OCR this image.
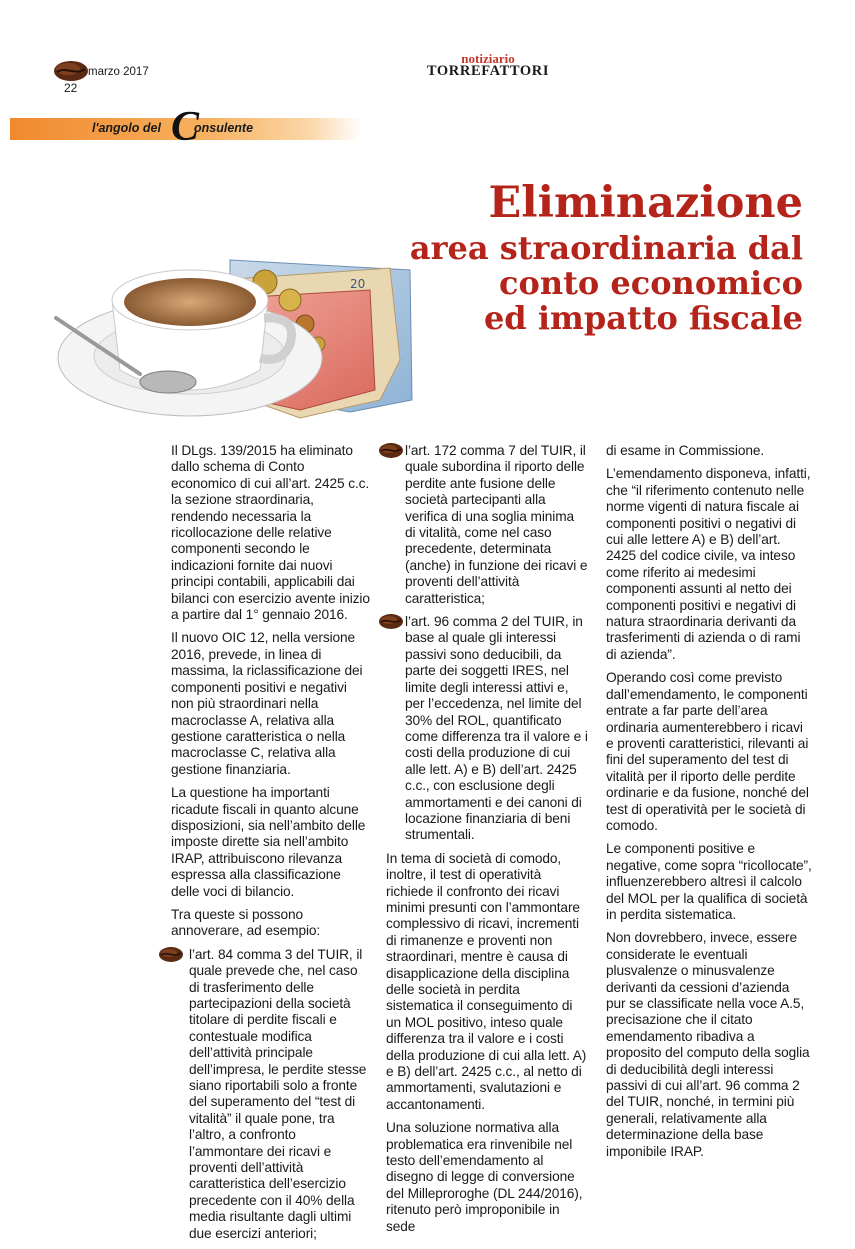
marzo 2017
22
notiziario
TORREFATTORI
l'angolo del C
onsulente
20
Eliminazione
area straordinaria dal
conto economico
ed impatto fiscale

Il DLgs. 139/2015 ha eliminato dallo schema di Conto economico di cui all’art. 2425 c.c. la sezione straordinaria, rendendo necessaria la ricollocazione delle relative componenti secondo le indicazioni fornite dai nuovi principi contabili, applicabili dai bilanci con esercizio avente inizio a partire dal 1° gennaio 2016.

Il nuovo OIC 12, nella versione 2016, prevede, in linea di massima, la riclassificazione dei componenti positivi e negativi non più straordinari nella macroclasse A, relativa alla gestione caratteristica o nella macroclasse C, relativa alla gestione finanziaria.

La questione ha importanti ricadute fiscali in quanto alcune disposizioni, sia nell’ambito delle imposte dirette sia nell’ambito IRAP, attribuiscono rilevanza espressa alla classificazione delle voci di bilancio.

Tra queste si possono annoverare, ad esempio:

l’art. 84 comma 3 del TUIR, il quale prevede che, nel caso di trasferimento delle partecipazioni della società titolare di perdite fiscali e contestuale modifica dell’attività principale dell’impresa, le perdite stesse siano riportabili solo a fronte del superamento del “test di vitalità” il quale pone, tra l’altro, a confronto l’ammontare dei ricavi e proventi dell’attività caratteristica dell’esercizio precedente con il 40% della media risultante dagli ultimi due esercizi anteriori;

l’art. 172 comma 7 del TUIR, il quale subordina il riporto delle perdite ante fusione delle società partecipanti alla verifica di una soglia minima di vitalità, come nel caso precedente, determinata (anche) in funzione dei ricavi e proventi dell’attività caratteristica;

l’art. 96 comma 2 del TUIR, in base al quale gli interessi passivi sono deducibili, da parte dei soggetti IRES, nel limite degli interessi attivi e, per l’eccedenza, nel limite del 30% del ROL, quantificato come differenza tra il valore e i costi della produzione di cui alle lett. A) e B) dell’art. 2425 c.c., con esclusione degli ammortamenti e dei canoni di locazione finanziaria di beni strumentali.

In tema di società di comodo, inoltre, il test di operatività richiede il confronto dei ricavi minimi presunti con l’ammontare complessivo di ricavi, incrementi di rimanenze e proventi non straordinari, mentre è causa di disapplicazione della disciplina delle società in perdita sistematica il conseguimento di un MOL positivo, inteso quale differenza tra il valore e i costi della produzione di cui alla lett. A) e B) dell’art. 2425 c.c., al netto di ammortamenti, svalutazioni e accantonamenti.

Una soluzione normativa alla problematica era rinvenibile nel testo dell’emendamento al disegno di legge di conversione del Milleproroghe (DL 244/2016), ritenuto però improponibile in sede

di esame in Commissione.

L’emendamento disponeva, infatti, che “il riferimento contenuto nelle norme vigenti di natura fiscale ai componenti positivi o negativi di cui alle lettere A) e B) dell’art. 2425 del codice civile, va inteso come riferito ai medesimi componenti assunti al netto dei componenti positivi e negativi di natura straordinaria derivanti da trasferimenti di azienda o di rami di azienda”.

Operando così come previsto dall’emendamento, le componenti entrate a far parte dell’area ordinaria aumenterebbero i ricavi e proventi caratteristici, rilevanti ai fini del superamento del test di vitalità per il riporto delle perdite ordinarie e da fusione, nonché del test di operatività per le società di comodo.

Le componenti positive e negative, come sopra “ricollocate”, influenzerebbero altresì il calcolo del MOL per la qualifica di società in perdita sistematica.

Non dovrebbero, invece, essere considerate le eventuali plusvalenze o minusvalenze derivanti da cessioni d’azienda pur se classificate nella voce A.5, precisazione che il citato emendamento ribadiva a proposito del computo della soglia di deducibilità degli interessi passivi di cui all’art. 96 comma 2 del TUIR, nonché, in termini più generali, relativamente alla determinazione della base imponibile IRAP.
